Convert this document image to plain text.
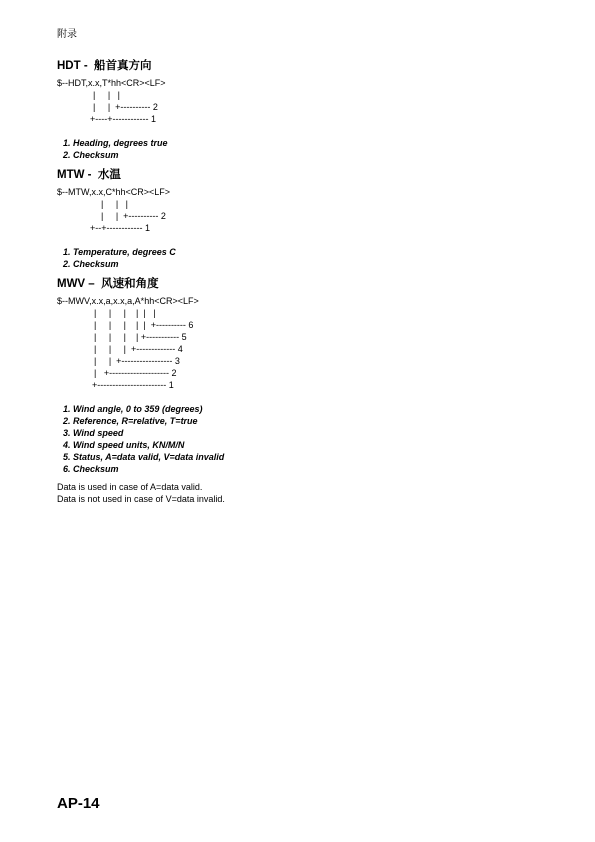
附录
HDT -  船首真方向
$--HDT,x.x,T*hh<CR><LF>
|     |   |
|     |  +---------- 2
+----+------------ 1
1. Heading, degrees true
2. Checksum
MTW -  水温
$--MTW,x.x,C*hh<CR><LF>
|     |   |
|     |  +---------- 2
+--+------------ 1
1. Temperature, degrees C
2. Checksum
MWV –  风速和角度
$--MWV,x.x,a,x.x,a,A*hh<CR><LF>
|     |     |    |  |   |
|     |     |    |  |  +---------- 6
|     |     |    | +----------- 5
|     |     |  +------------- 4
|     |  +----------------- 3
|   +-------------------- 2
+----------------------- 1
1. Wind angle, 0 to 359 (degrees)
2. Reference, R=relative, T=true
3. Wind speed
4. Wind speed units, KN/M/N
5. Status, A=data valid, V=data invalid
6. Checksum
Data is used in case of A=data valid.
Data is not used in case of V=data invalid.
AP-14
